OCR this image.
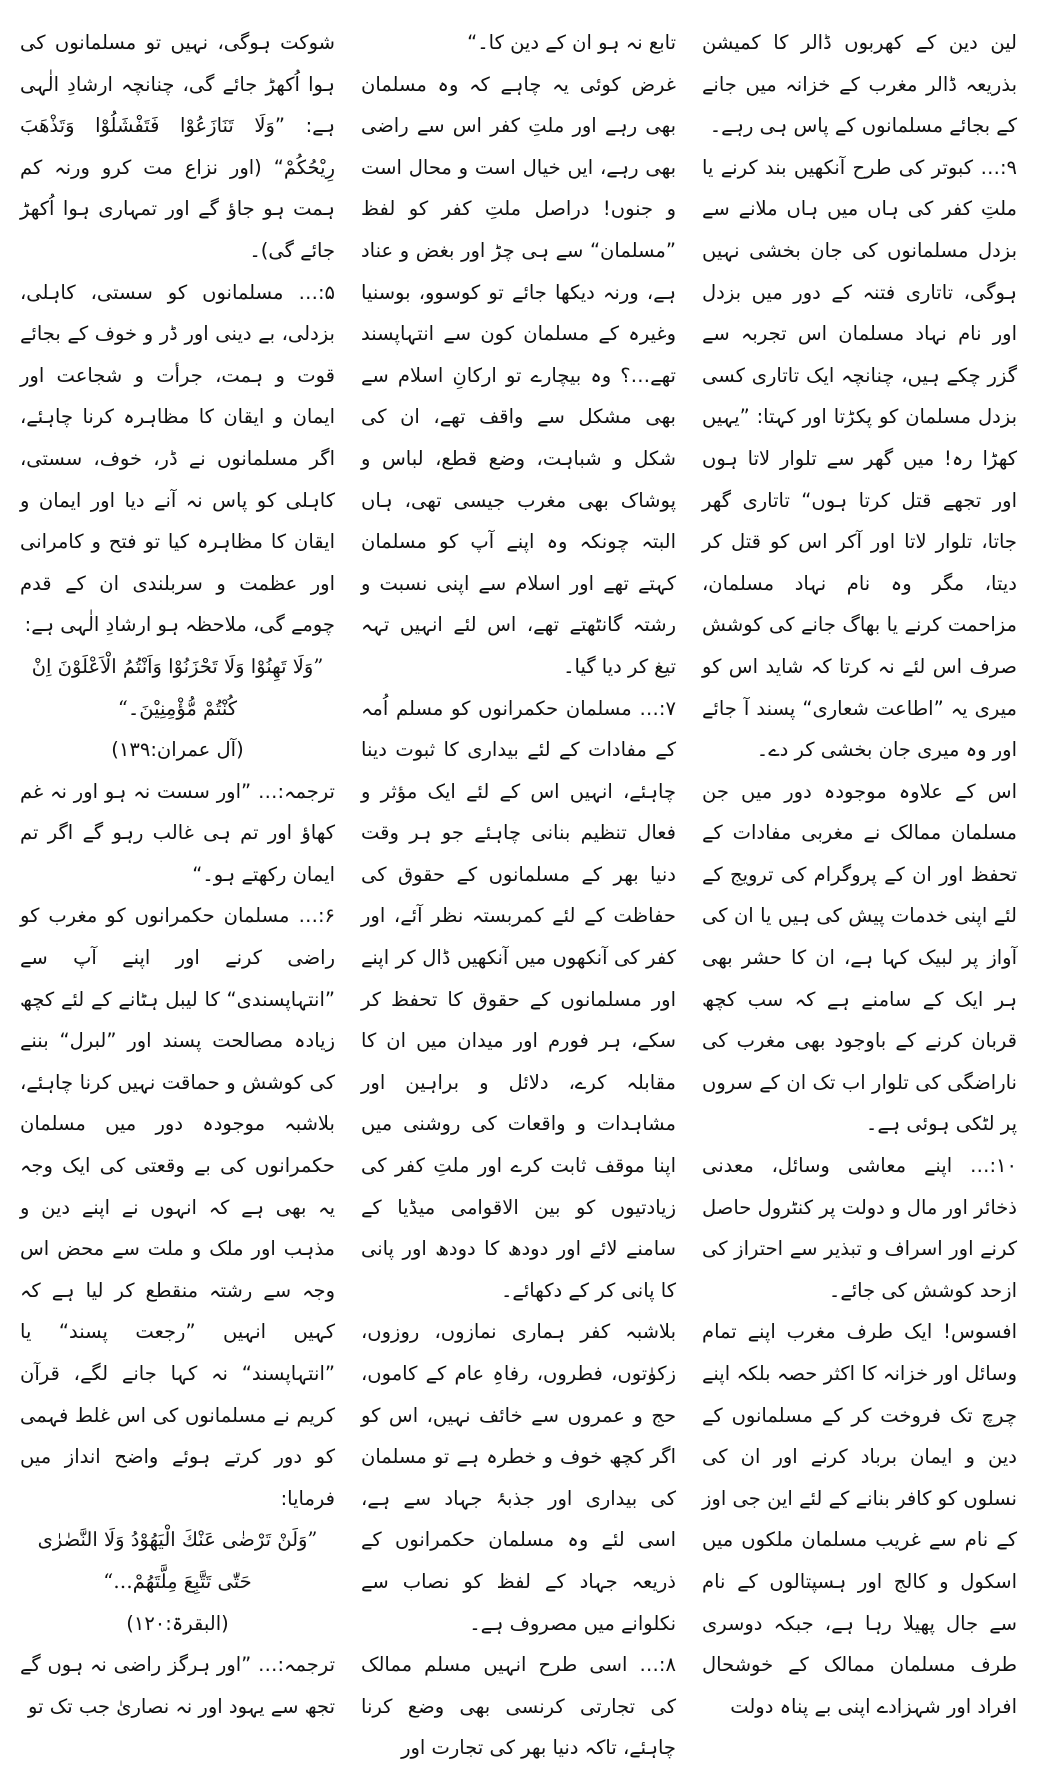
شوکت ہوگی، نہیں تو مسلمانوں کی ہوا اُکھڑ جائے گی، چنانچہ ارشادِ الٰہی ہے: ”وَلَا تَنَازَعُوْا فَتَفْشَلُوْا وَتَذْهَبَ رِيْحُكُمْ“ (اور نزاع مت کرو ورنہ کم ہمت ہو جاؤ گے اور تمہاری ہوا اُکھڑ جائے گی)۔

۵:… مسلمانوں کو سستی، کاہلی، بزدلی، بے دینی اور ڈر و خوف کے بجائے قوت و ہمت، جرأت و شجاعت اور ایمان و ایقان کا مظاہرہ کرنا چاہئے، اگر مسلمانوں نے ڈر، خوف، سستی، کاہلی کو پاس نہ آنے دیا اور ایمان و ایقان کا مظاہرہ کیا تو فتح و کامرانی اور عظمت و سربلندی ان کے قدم چومے گی، ملاحظہ ہو ارشادِ الٰہی ہے:

”وَلَا تَهِنُوْا وَلَا تَحْزَنُوْا وَاَنْتُمُ الْاَعْلَوْنَ اِنْ كُنْتُمْ مُّؤْمِنِيْنَ۔“

(آل عمران:۱۳۹)

ترجمہ:… ”اور سست نہ ہو اور نہ غم کھاؤ اور تم ہی غالب رہو گے اگر تم ایمان رکھتے ہو۔“

۶:… مسلمان حکمرانوں کو مغرب کو راضی کرنے اور اپنے آپ سے ”انتہاپسندی“ کا لیبل ہٹانے کے لئے کچھ زیادہ مصالحت پسند اور ”لبرل“ بننے کی کوشش و حماقت نہیں کرنا چاہئے، بلاشبہ موجودہ دور میں مسلمان حکمرانوں کی بے وقعتی کی ایک وجہ یہ بھی ہے کہ انہوں نے اپنے دین و مذہب اور ملک و ملت سے محض اس وجہ سے رشتہ منقطع کر لیا ہے کہ کہیں انہیں ”رجعت پسند“ یا ”انتہاپسند“ نہ کہا جانے لگے، قرآن کریم نے مسلمانوں کی اس غلط فہمی کو دور کرتے ہوئے واضح انداز میں فرمایا:

”وَلَنْ تَرْضٰى عَنْكَ الْيَهُوْدُ وَلَا النَّصٰرٰى حَتّٰى تَتَّبِعَ مِلَّتَهُمْ…“

(البقرۃ:۱۲۰)

ترجمہ:… ”اور ہرگز راضی نہ ہوں گے تجھ سے یہود اور نہ نصاریٰ جب تک تو

تابع نہ ہو ان کے دین کا۔“

غرض کوئی یہ چاہے کہ وہ مسلمان بھی رہے اور ملتِ کفر اس سے راضی بھی رہے، ایں خیال است و محال است و جنوں! دراصل ملتِ کفر کو لفظ ”مسلمان“ سے ہی چڑ اور بغض و عناد ہے، ورنہ دیکھا جائے تو کوسوو، بوسنیا وغیرہ کے مسلمان کون سے انتہاپسند تھے…؟ وہ بیچارے تو ارکانِ اسلام سے بھی مشکل سے واقف تھے، ان کی شکل و شباہت، وضع قطع، لباس و پوشاک بھی مغرب جیسی تھی، ہاں البتہ چونکہ وہ اپنے آپ کو مسلمان کہتے تھے اور اسلام سے اپنی نسبت و رشتہ گانٹھتے تھے، اس لئے انہیں تہہ تیغ کر دیا گیا۔

۷:… مسلمان حکمرانوں کو مسلم اُمہ کے مفادات کے لئے بیداری کا ثبوت دینا چاہئے، انہیں اس کے لئے ایک مؤثر و فعال تنظیم بنانی چاہئے جو ہر وقت دنیا بھر کے مسلمانوں کے حقوق کی حفاظت کے لئے کمربستہ نظر آئے، اور کفر کی آنکھوں میں آنکھیں ڈال کر اپنے اور مسلمانوں کے حقوق کا تحفظ کر سکے، ہر فورم اور میدان میں ان کا مقابلہ کرے، دلائل و براہین اور مشاہدات و واقعات کی روشنی میں اپنا موقف ثابت کرے اور ملتِ کفر کی زیادتیوں کو بین الاقوامی میڈیا کے سامنے لائے اور دودھ کا دودھ اور پانی کا پانی کر کے دکھائے۔

بلاشبہ کفر ہماری نمازوں، روزوں، زکوٰتوں، فطروں، رفاہِ عام کے کاموں، حج و عمروں سے خائف نہیں، اس کو اگر کچھ خوف و خطرہ ہے تو مسلمان کی بیداری اور جذبۂ جہاد سے ہے، اسی لئے وہ مسلمان حکمرانوں کے ذریعہ جہاد کے لفظ کو نصاب سے نکلوانے میں مصروف ہے۔

۸:… اسی طرح انہیں مسلم ممالک کی تجارتی کرنسی بھی وضع کرنا چاہئے، تاکہ دنیا بھر کی تجارت اور

لین دین کے کھربوں ڈالر کا کمیشن بذریعہ ڈالر مغرب کے خزانہ میں جانے کے بجائے مسلمانوں کے پاس ہی رہے۔

۹:… کبوتر کی طرح آنکھیں بند کرنے یا ملتِ کفر کی ہاں میں ہاں ملانے سے بزدل مسلمانوں کی جان بخشی نہیں ہوگی، تاتاری فتنہ کے دور میں بزدل اور نام نہاد مسلمان اس تجربہ سے گزر چکے ہیں، چنانچہ ایک تاتاری کسی بزدل مسلمان کو پکڑتا اور کہتا: ”یہیں کھڑا رہ! میں گھر سے تلوار لاتا ہوں اور تجھے قتل کرتا ہوں“ تاتاری گھر جاتا، تلوار لاتا اور آکر اس کو قتل کر دیتا، مگر وہ نام نہاد مسلمان، مزاحمت کرنے یا بھاگ جانے کی کوشش صرف اس لئے نہ کرتا کہ شاید اس کو میری یہ ”اطاعت شعاری“ پسند آ جائے اور وہ میری جان بخشی کر دے۔

اس کے علاوہ موجودہ دور میں جن مسلمان ممالک نے مغربی مفادات کے تحفظ اور ان کے پروگرام کی ترویج کے لئے اپنی خدمات پیش کی ہیں یا ان کی آواز پر لبیک کہا ہے، ان کا حشر بھی ہر ایک کے سامنے ہے کہ سب کچھ قربان کرنے کے باوجود بھی مغرب کی ناراضگی کی تلوار اب تک ان کے سروں پر لٹکی ہوئی ہے۔

۱۰:… اپنے معاشی وسائل، معدنی ذخائر اور مال و دولت پر کنٹرول حاصل کرنے اور اسراف و تبذیر سے احتراز کی ازحد کوشش کی جائے۔

افسوس! ایک طرف مغرب اپنے تمام وسائل اور خزانہ کا اکثر حصہ بلکہ اپنے چرچ تک فروخت کر کے مسلمانوں کے دین و ایمان برباد کرنے اور ان کی نسلوں کو کافر بنانے کے لئے این جی اوز کے نام سے غریب مسلمان ملکوں میں اسکول و کالج اور ہسپتالوں کے نام سے جال پھیلا رہا ہے، جبکہ دوسری طرف مسلمان ممالک کے خوشحال افراد اور شہزادے اپنی بے پناہ دولت
